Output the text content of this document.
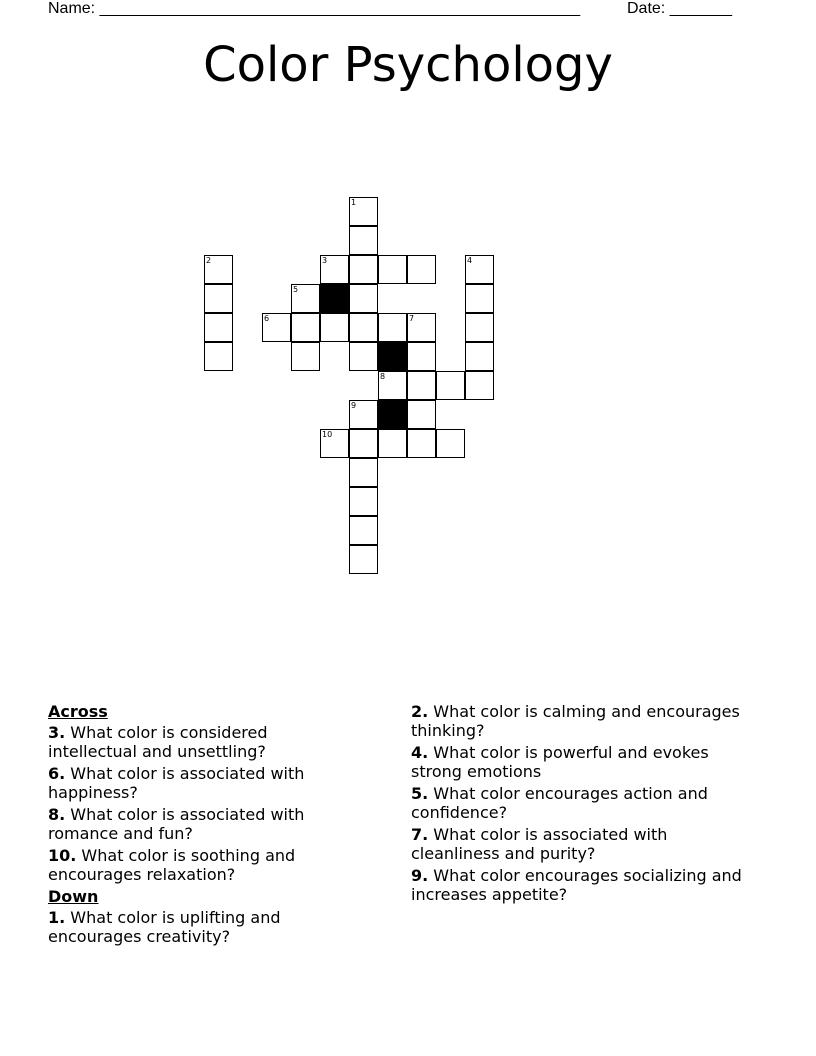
Name: ______________________________________________________	Date: _______
Color Psychology
1
2	3	4
5
6	7
8
9
10
Across
3. What color is considered intellectual and unsettling?
6. What color is associated with happiness?
8. What color is associated with romance and fun?
10. What color is soothing and encourages relaxation?
Down
1. What color is uplifting and encourages creativity?
2. What color is calming and encourages thinking?
4. What color is powerful and evokes strong emotions
5. What color encourages action and confidence?
7. What color is associated with cleanliness and purity?
9. What color encourages socializing and increases appetite?
